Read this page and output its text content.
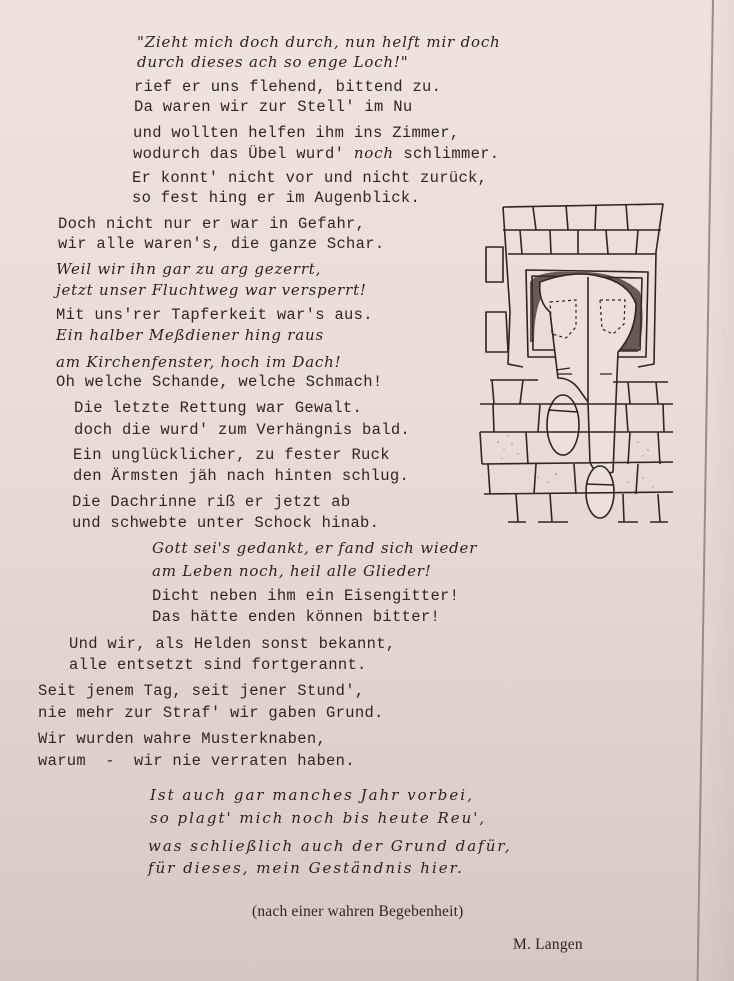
"Zieht mich doch durch, nun helft mir doch
durch dieses ach so enge Loch!"
rief er uns flehend, bittend zu.
Da waren wir zur Stell' im Nu
und wollten helfen ihm ins Zimmer,
wodurch das Übel wurd' noch schlimmer.
Er konnt' nicht vor und nicht zurück,
so fest hing er im Augenblick.
Doch nicht nur er war in Gefahr,
wir alle waren's, die ganze Schar.
Weil wir ihn gar zu arg gezerrt,
jetzt unser Fluchtweg war versperrt!
Mit uns'rer Tapferkeit war's aus.
Ein halber Meßdiener hing raus
am Kirchenfenster, hoch im Dach!
Oh welche Schande, welche Schmach!
Die letzte Rettung war Gewalt.
doch die wurd' zum Verhängnis bald.
Ein unglücklicher, zu fester Ruck
den Ärmsten jäh nach hinten schlug.
Die Dachrinne riß er jetzt ab
und schwebte unter Schock hinab.
Gott sei's gedankt, er fand sich wieder
am Leben noch, heil alle Glieder!
Dicht neben ihm ein Eisengitter!
Das hätte enden können bitter!
Und wir, als Helden sonst bekannt,
alle entsetzt sind fortgerannt.
Seit jenem Tag, seit jener Stund',
nie mehr zur Straf' wir gaben Grund.
Wir wurden wahre Musterknaben,
warum  -  wir nie verraten haben.
Ist auch gar manches Jahr vorbei,
so plagt' mich noch bis heute Reu',
was schließlich auch der Grund dafür,
für dieses, mein Geständnis hier.
(nach einer wahren Begebenheit)
M. Langen
